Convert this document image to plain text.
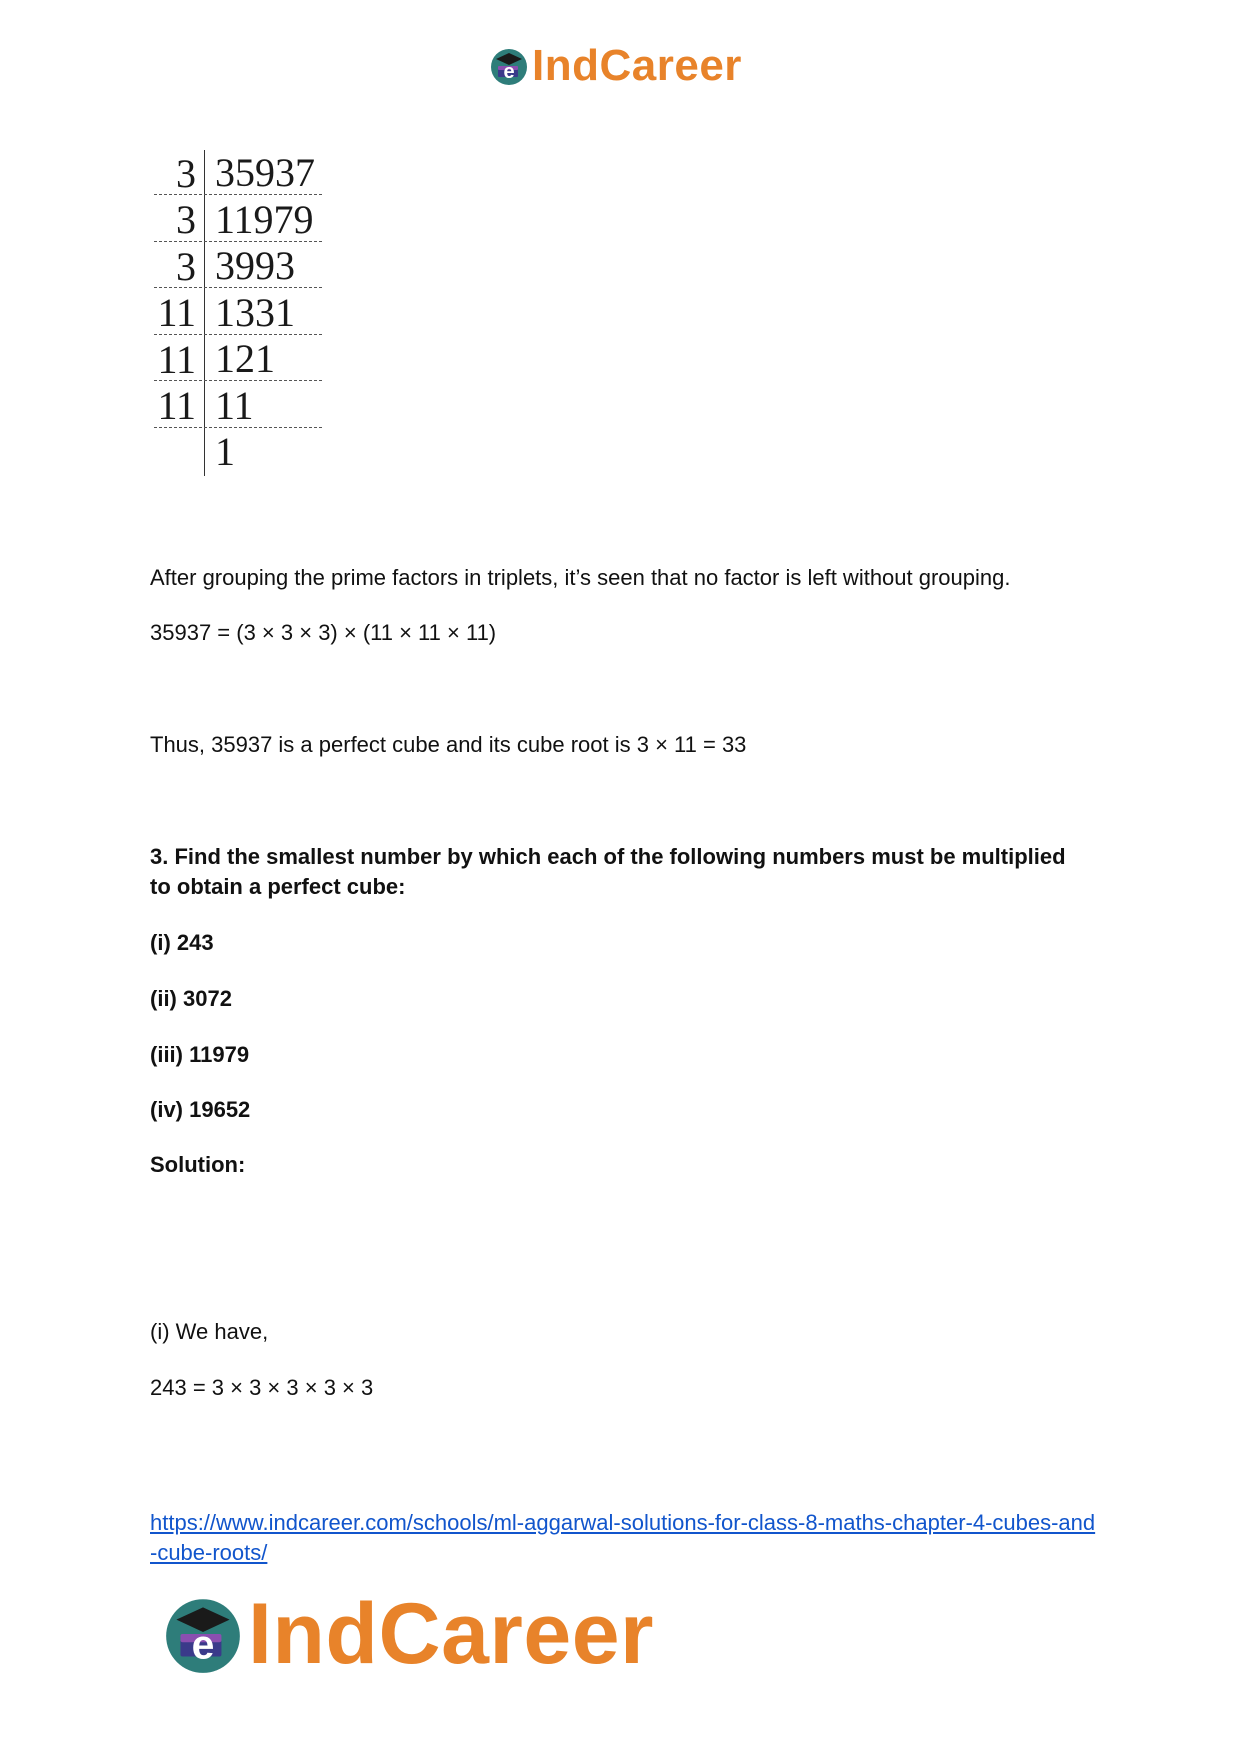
e IndCareer
3 35937
3 11979
3 3993
11 1331
11 121
11 11
1
After grouping the prime factors in triplets, it’s seen that no factor is left without grouping.
35937 = (3 × 3 × 3) × (11 × 11 × 11)
Thus, 35937 is a perfect cube and its cube root is 3 × 11 = 33
3. Find the smallest number by which each of the following numbers must be multiplied to obtain a perfect cube:
(i) 243
(ii) 3072
(iii) 11979
(iv) 19652
Solution:
(i) We have,
243 = 3 × 3 × 3 × 3 × 3
https://www.indcareer.com/schools/ml-aggarwal-solutions-for-class-8-maths-chapter-4-cubes-and-cube-roots/
e IndCareer
